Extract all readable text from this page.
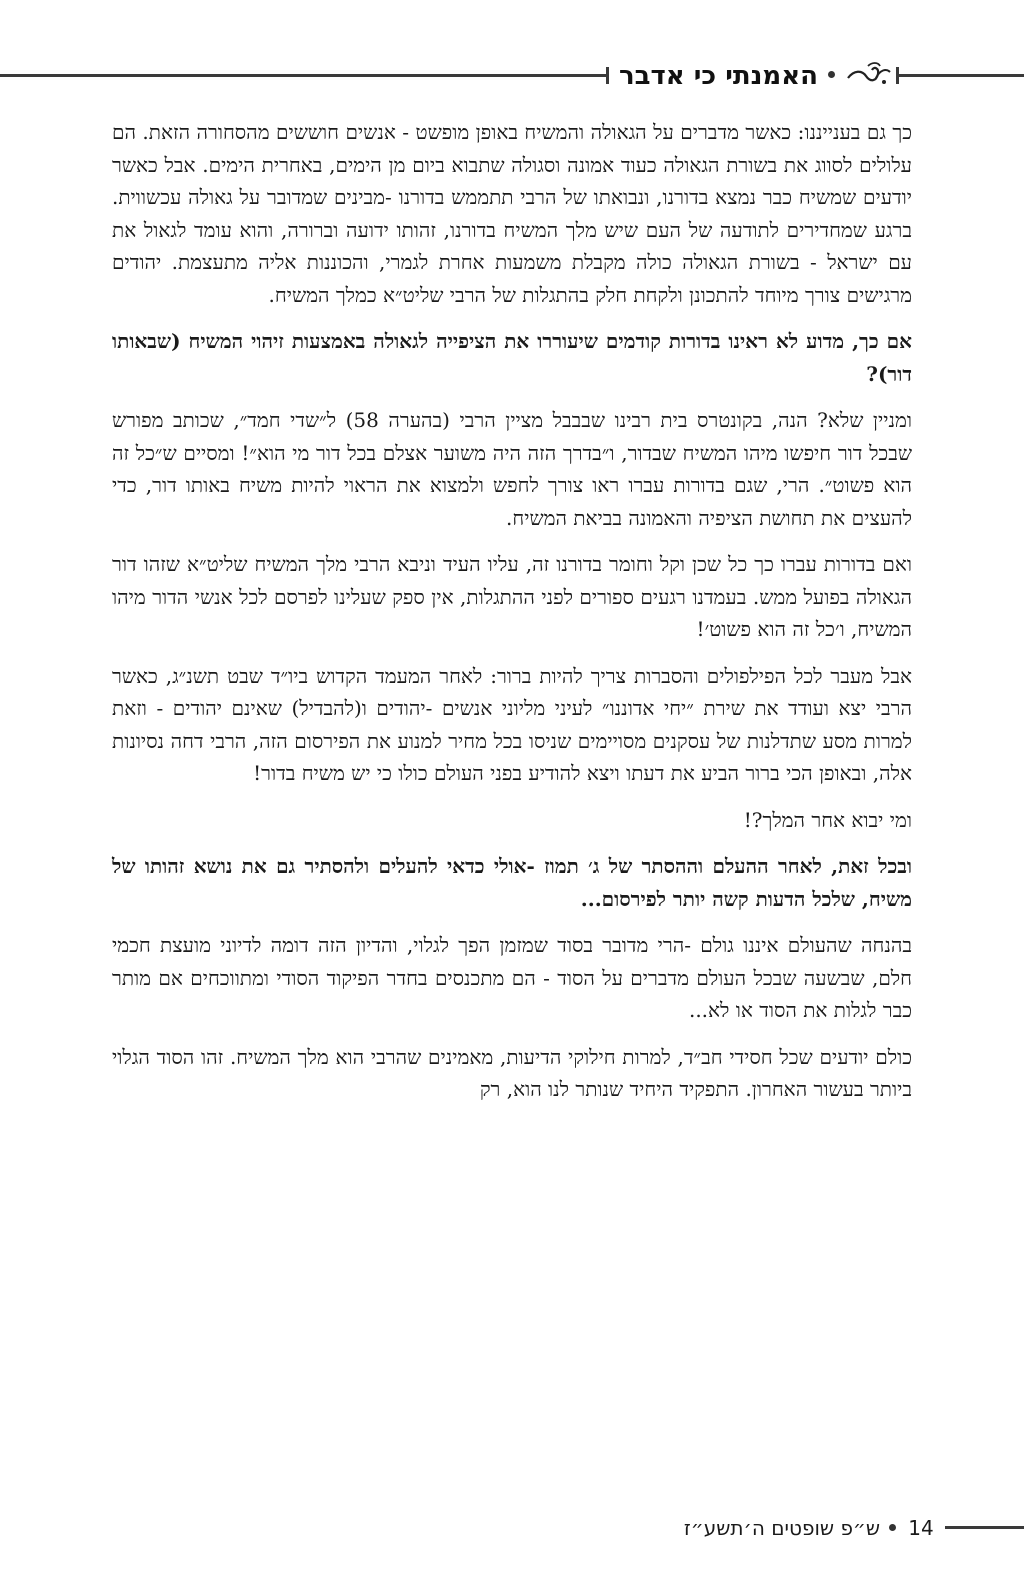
האמנתי כי אדבר

כך גם בענייננו: כאשר מדברים על הגאולה והמשיח באופן מופשט - אנשים חוששים מהסחורה הזאת. הם עלולים לסווג את בשורת הגאולה כעוד אמונה וסגולה שתבוא ביום מן הימים, באחרית הימים. אבל כאשר יודעים שמשיח כבר נמצא בדורנו, ונבואתו של הרבי תתממש בדורנו -מבינים שמדובר על גאולה עכשווית. ברגע שמחדירים לתודעה של העם שיש מלך המשיח בדורנו, זהותו ידועה וברורה, והוא עומד לגאול את עם ישראל - בשורת הגאולה כולה מקבלת משמעות אחרת לגמרי, והכוננות אליה מתעצמת. יהודים מרגישים צורך מיוחד להתכונן ולקחת חלק בהתגלות של הרבי שליט״א כמלך המשיח.

אם כך, מדוע לא ראינו בדורות קודמים שיעוררו את הציפייה לגאולה באמצעות זיהוי המשיח (שבאותו דור)?

ומניין שלא? הנה, בקונטרס בית רבינו שבבבל מציין הרבי (בהערה 58) ל״שדי חמד״, שכותב מפורש שבכל דור חיפשו מיהו המשיח שבדור, ו״בדרך הזה היה משוער אצלם בכל דור מי הוא״! ומסיים ש״כל זה הוא פשוט״. הרי, שגם בדורות עברו ראו צורך לחפש ולמצוא את הראוי להיות משיח באותו דור, כדי להעצים את תחושת הציפיה והאמונה בביאת המשיח.

ואם בדורות עברו כך כל שכן וקל וחומר בדורנו זה, עליו העיד וניבא הרבי מלך המשיח שליט״א שזהו דור הגאולה בפועל ממש. בעמדנו רגעים ספורים לפני ההתגלות, אין ספק שעלינו לפרסם לכל אנשי הדור מיהו המשיח, ו׳כל זה הוא פשוט׳!

אבל מעבר לכל הפילפולים והסברות צריך להיות ברור: לאחר המעמד הקדוש ביו״ד שבט תשנ״ג, כאשר הרבי יצא ועודד את שירת ״יחי אדוננו״ לעיני מליוני אנשים -יהודים ו(להבדיל) שאינם יהודים - וזאת למרות מסע שתדלנות של עסקנים מסויימים שניסו בכל מחיר למנוע את הפירסום הזה, הרבי דחה נסיונות אלה, ובאופן הכי ברור הביע את דעתו ויצא להודיע בפני העולם כולו כי יש משיח בדור!

ומי יבוא אחר המלך?!

ובכל זאת, לאחר ההעלם וההסתר של ג׳ תמוז -אולי כדאי להעלים ולהסתיר גם את נושא זהותו של משיח, שלכל הדעות קשה יותר לפירסום...

בהנחה שהעולם איננו גולם -הרי מדובר בסוד שמזמן הפך לגלוי, והדיון הזה דומה לדיוני מועצת חכמי חלם, שבשעה שבכל העולם מדברים על הסוד - הם מתכנסים בחדר הפיקוד הסודי ומתווכחים אם מותר כבר לגלות את הסוד או לא...

כולם יודעים שכל חסידי חב״ד, למרות חילוקי הדיעות, מאמינים שהרבי הוא מלך המשיח. זהו הסוד הגלוי ביותר בעשור האחרון. התפקיד היחיד שנותר לנו הוא, רק

14
ש״פ שופטים ה׳תשע״ז
